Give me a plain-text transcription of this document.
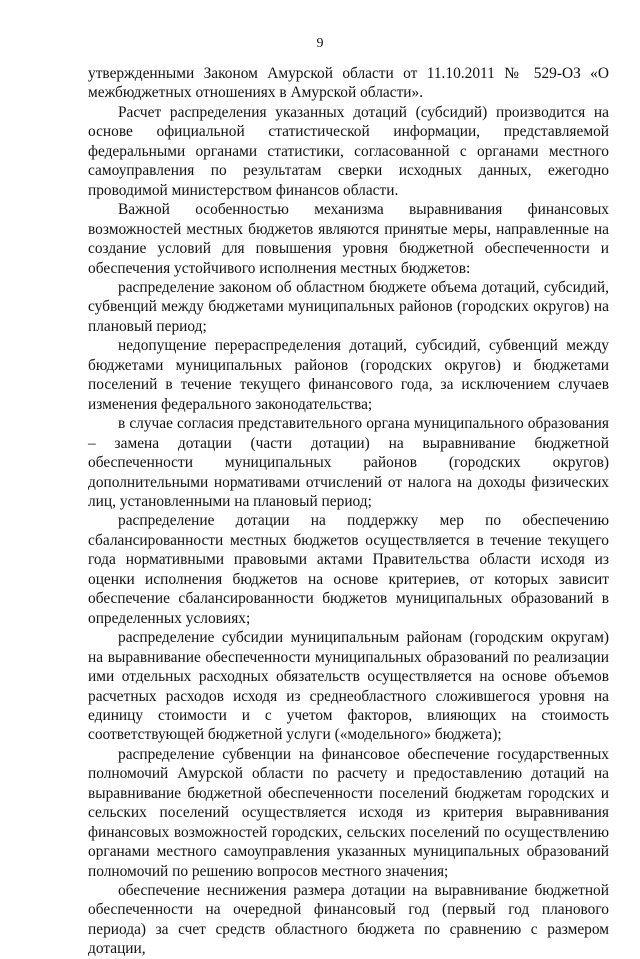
9

утвержденными Законом Амурской области от 11.10.2011 № 529-ОЗ «О межбюджетных отношениях в Амурской области».

Расчет распределения указанных дотаций (субсидий) производится на основе официальной статистической информации, представляемой федеральными органами статистики, согласованной с органами местного самоуправления по результатам сверки исходных данных, ежегодно проводимой министерством финансов области.

Важной особенностью механизма выравнивания финансовых возможностей местных бюджетов являются принятые меры, направленные на создание условий для повышения уровня бюджетной обеспеченности и обеспечения устойчивого исполнения местных бюджетов:

распределение законом об областном бюджете объема дотаций, субсидий, субвенций между бюджетами муниципальных районов (городских округов) на плановый период;

недопущение перераспределения дотаций, субсидий, субвенций между бюджетами муниципальных районов (городских округов) и бюджетами поселений в течение текущего финансового года, за исключением случаев изменения федерального законодательства;

в случае согласия представительного органа муниципального образования – замена дотации (части дотации) на выравнивание бюджетной обеспеченности муниципальных районов (городских округов) дополнительными нормативами отчислений от налога на доходы физических лиц, установленными на плановый период;

распределение дотации на поддержку мер по обеспечению сбалансированности местных бюджетов осуществляется в течение текущего года нормативными правовыми актами Правительства области исходя из оценки исполнения бюджетов на основе критериев, от которых зависит обеспечение сбалансированности бюджетов муниципальных образований в определенных условиях;

распределение субсидии муниципальным районам (городским округам) на выравнивание обеспеченности муниципальных образований по реализации ими отдельных расходных обязательств осуществляется на основе объемов расчетных расходов исходя из среднеобластного сложившегося уровня на единицу стоимости и с учетом факторов, влияющих на стоимость соответствующей бюджетной услуги («модельного» бюджета);

распределение субвенции на финансовое обеспечение государственных полномочий Амурской области по расчету и предоставлению дотаций на выравнивание бюджетной обеспеченности поселений бюджетам городских и сельских поселений осуществляется исходя из критерия выравнивания финансовых возможностей городских, сельских поселений по осуществлению органами местного самоуправления указанных муниципальных образований полномочий по решению вопросов местного значения;

обеспечение неснижения размера дотации на выравнивание бюджетной обеспеченности на очередной финансовый год (первый год планового периода) за счет средств областного бюджета по сравнению с размером дотации,
